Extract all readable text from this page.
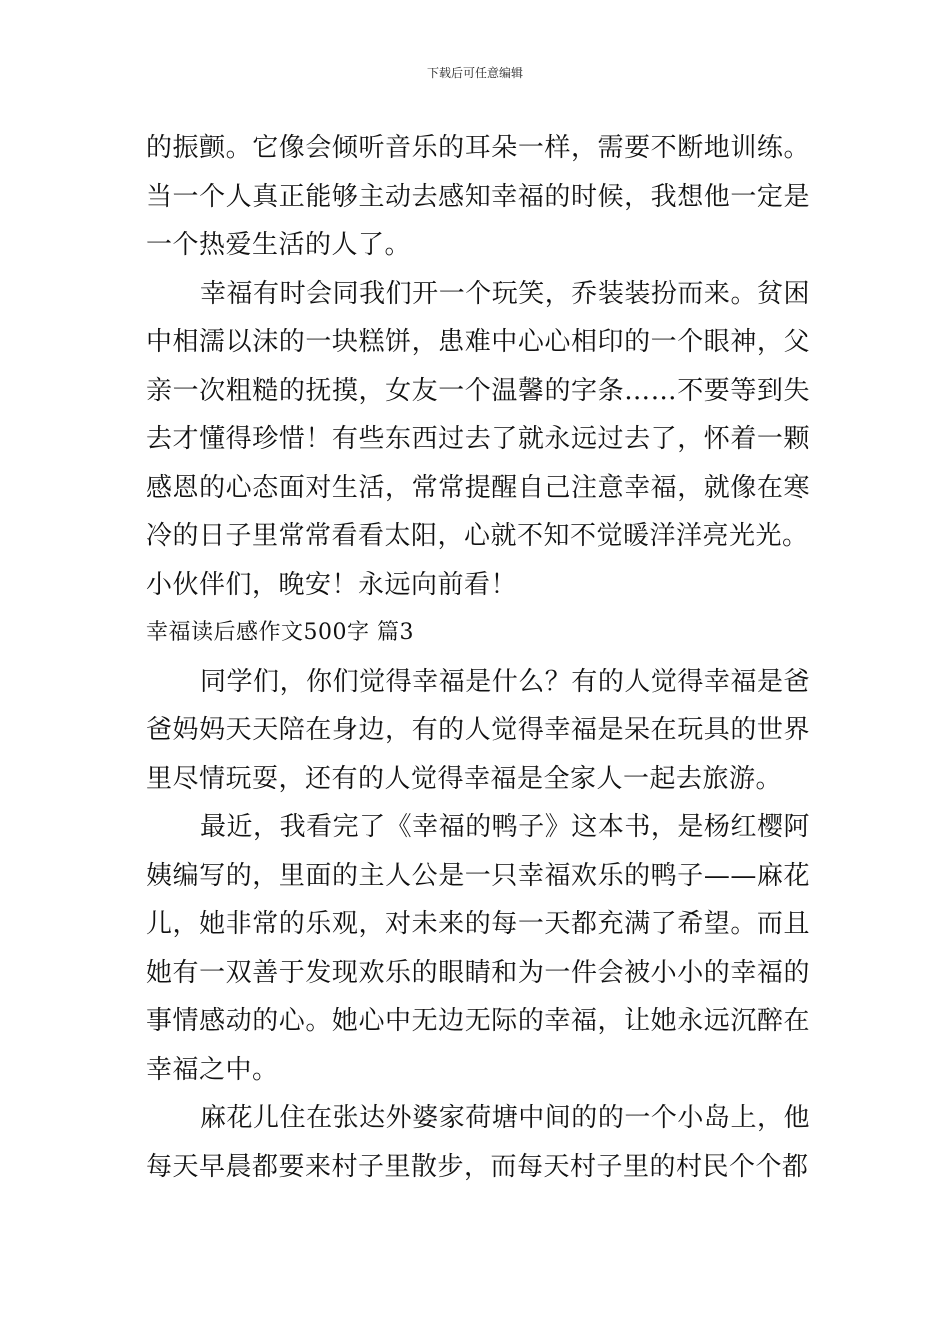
下载后可任意编辑

的振颤。它像会倾听音乐的耳朵一样，需要不断地训练。当一个人真正能够主动去感知幸福的时候，我想他一定是一个热爱生活的人了。

幸福有时会同我们开一个玩笑，乔装装扮而来。贫困中相濡以沫的一块糕饼，患难中心心相印的一个眼神，父亲一次粗糙的抚摸，女友一个温馨的字条……不要等到失去才懂得珍惜！有些东西过去了就永远过去了，怀着一颗感恩的心态面对生活，常常提醒自己注意幸福，就像在寒冷的日子里常常看看太阳，心就不知不觉暖洋洋亮光光。

小伙伴们，晚安！永远向前看！

幸福读后感作文500字 篇3

同学们，你们觉得幸福是什么？有的人觉得幸福是爸爸妈妈天天陪在身边，有的人觉得幸福是呆在玩具的世界里尽情玩耍，还有的人觉得幸福是全家人一起去旅游。

最近，我看完了《幸福的鸭子》这本书，是杨红樱阿姨编写的，里面的主人公是一只幸福欢乐的鸭子——麻花儿，她非常的乐观，对未来的每一天都充满了希望。而且她有一双善于发现欢乐的眼睛和为一件会被小小的幸福的事情感动的心。她心中无边无际的幸福，让她永远沉醉在幸福之中。

麻花儿住在张达外婆家荷塘中间的的一个小岛上，他每天早晨都要来村子里散步，而每天村子里的村民个个都
